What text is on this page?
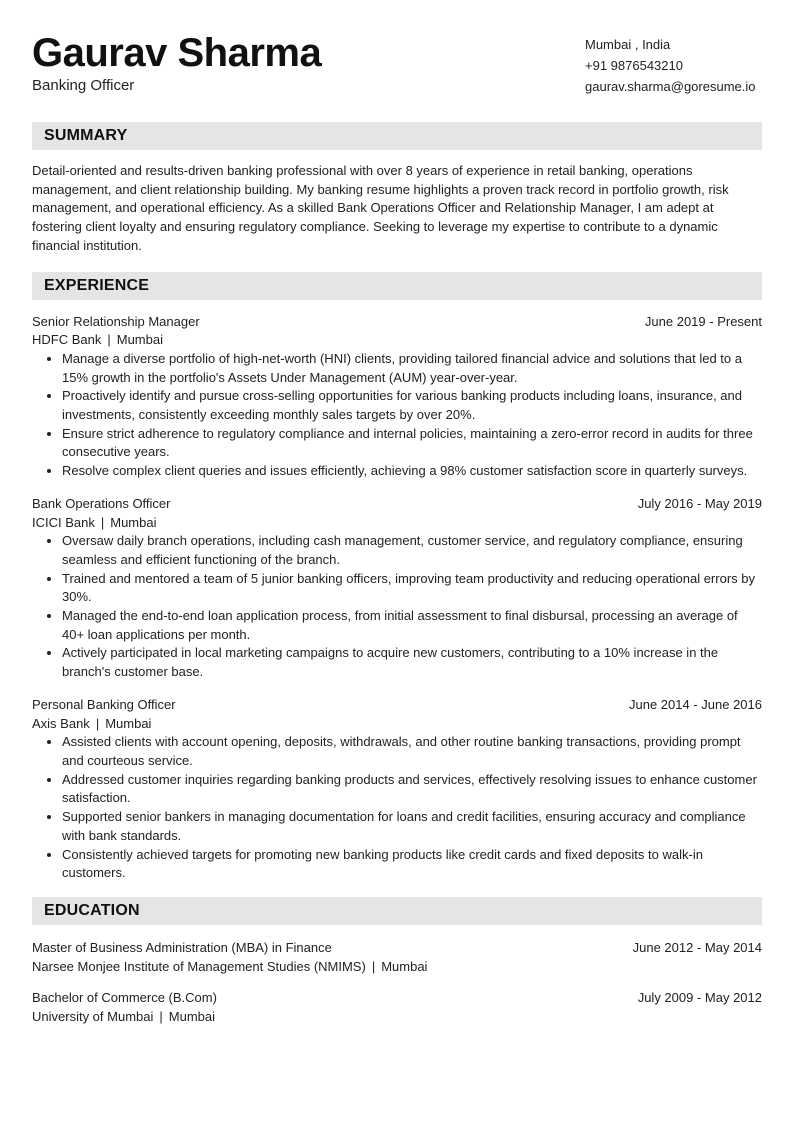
Gaurav Sharma
Banking Officer
Mumbai , India
+91 9876543210
gaurav.sharma@goresume.io
SUMMARY
Detail-oriented and results-driven banking professional with over 8 years of experience in retail banking, operations management, and client relationship building. My banking resume highlights a proven track record in portfolio growth, risk management, and operational efficiency. As a skilled Bank Operations Officer and Relationship Manager, I am adept at fostering client loyalty and ensuring regulatory compliance. Seeking to leverage my expertise to contribute to a dynamic financial institution.
EXPERIENCE
Senior Relationship Manager	June 2019 - Present
HDFC Bank | Mumbai
• Manage a diverse portfolio of high-net-worth (HNI) clients, providing tailored financial advice and solutions that led to a 15% growth in the portfolio's Assets Under Management (AUM) year-over-year.
• Proactively identify and pursue cross-selling opportunities for various banking products including loans, insurance, and investments, consistently exceeding monthly sales targets by over 20%.
• Ensure strict adherence to regulatory compliance and internal policies, maintaining a zero-error record in audits for three consecutive years.
• Resolve complex client queries and issues efficiently, achieving a 98% customer satisfaction score in quarterly surveys.
Bank Operations Officer	July 2016 - May 2019
ICICI Bank | Mumbai
• Oversaw daily branch operations, including cash management, customer service, and regulatory compliance, ensuring seamless and efficient functioning of the branch.
• Trained and mentored a team of 5 junior banking officers, improving team productivity and reducing operational errors by 30%.
• Managed the end-to-end loan application process, from initial assessment to final disbursal, processing an average of 40+ loan applications per month.
• Actively participated in local marketing campaigns to acquire new customers, contributing to a 10% increase in the branch's customer base.
Personal Banking Officer	June 2014 - June 2016
Axis Bank | Mumbai
• Assisted clients with account opening, deposits, withdrawals, and other routine banking transactions, providing prompt and courteous service.
• Addressed customer inquiries regarding banking products and services, effectively resolving issues to enhance customer satisfaction.
• Supported senior bankers in managing documentation for loans and credit facilities, ensuring accuracy and compliance with bank standards.
• Consistently achieved targets for promoting new banking products like credit cards and fixed deposits to walk-in customers.
EDUCATION
Master of Business Administration (MBA) in Finance	June 2012 - May 2014
Narsee Monjee Institute of Management Studies (NMIMS) | Mumbai
Bachelor of Commerce (B.Com)	July 2009 - May 2012
University of Mumbai | Mumbai
